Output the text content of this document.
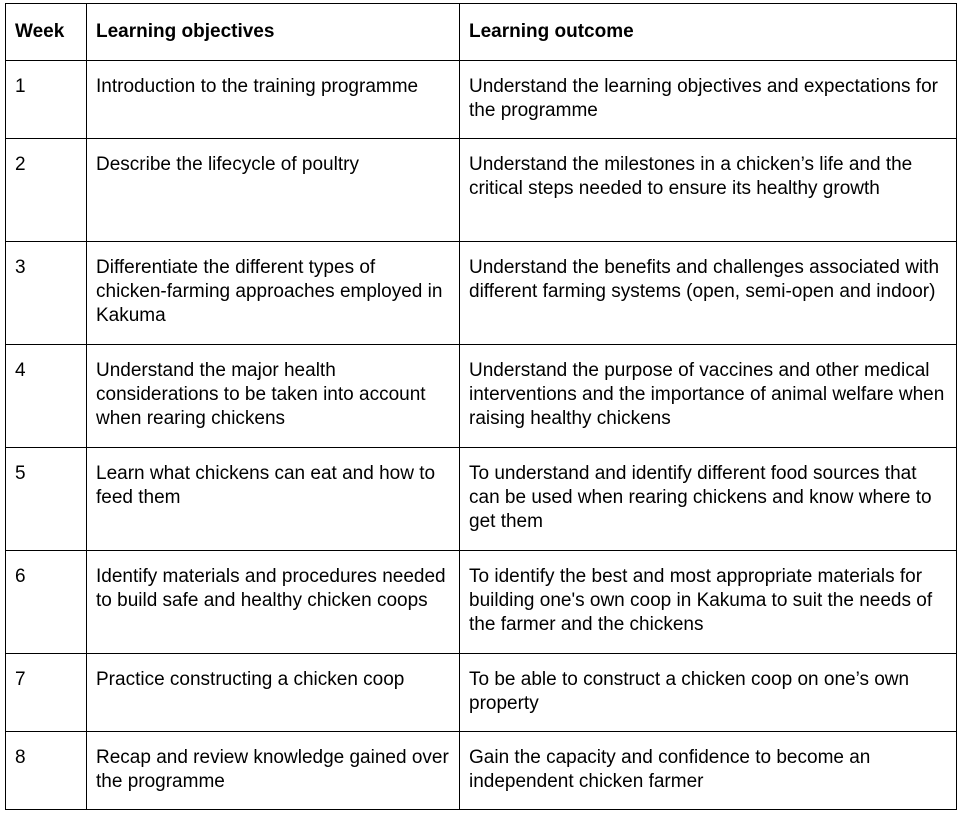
Week	Learning objectives	Learning outcome
1	Introduction to the training programme	Understand the learning objectives and expectations for the programme
2	Describe the lifecycle of poultry	Understand the milestones in a chicken’s life and the critical steps needed to ensure its healthy growth
3	Differentiate the different types of chicken-farming approaches employed in Kakuma	Understand the benefits and challenges associated with different farming systems (open, semi-open and indoor)
4	Understand the major health considerations to be taken into account when rearing chickens	Understand the purpose of vaccines and other medical interventions and the importance of animal welfare when raising healthy chickens
5	Learn what chickens can eat and how to feed them	To understand and identify different food sources that can be used when rearing chickens and know where to get them
6	Identify materials and procedures needed to build safe and healthy chicken coops	To identify the best and most appropriate materials for building one's own coop in Kakuma to suit the needs of the farmer and the chickens
7	Practice constructing a chicken coop	To be able to construct a chicken coop on one’s own property
8	Recap and review knowledge gained over the programme	Gain the capacity and confidence to become an independent chicken farmer
